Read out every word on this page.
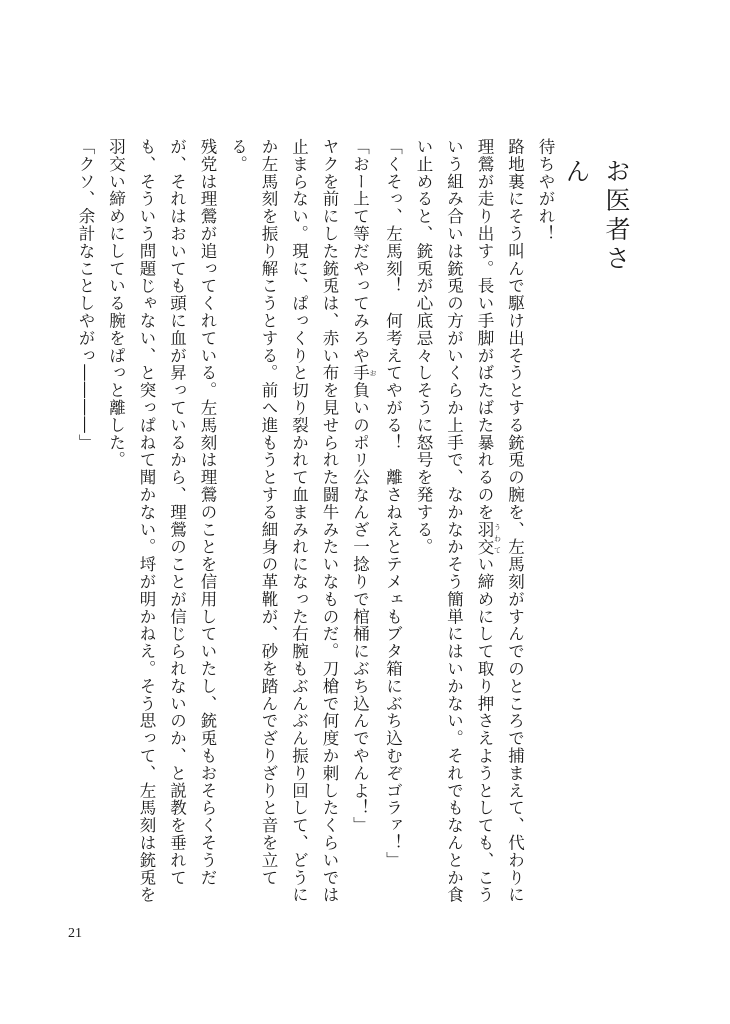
お医者さん

待ちやがれ！

路地裏にそう叫んで駆け出そうとする銃兎の腕を、左馬刻がすんでのところで捕まえて、代わりに理鶯が走り出す。長い手脚がばたばた暴れるのを羽交 うわてい締めにして取り押さえようとしても、こういう組み合いは銃兎の方がいくらか上手で、なかなかそう簡単にはいかない。それでもなんとか食い止めると、銃兎が心底忌々しそうに怒号を発する。

「くそっ、左馬刻！　何考えてやがる！　離さねえとテメェもブタ箱にぶち込むぞゴラァ！」

「おー上て等だやってみろや手 お負いのポリ公なんざ一捻りで棺桶にぶち込んでやんよ！」

ヤクを前にした銃兎は、赤い布を見せられた闘牛みたいなものだ。刀槍で何度か刺したくらいでは止まらない。現に、ぱっくりと切り裂かれて血まみれになった右腕もぶんぶん振り回して、どうにか左馬刻を振り解こうとする。前へ進もうとする細身の革靴が、砂を踏んでざりざりと音を立てる。

残党は理鶯が追ってくれている。左馬刻は理鶯のことを信用していたし、銃兎もおそらくそうだが、それはおいても頭に血が昇っているから、理鶯のことが信じられないのか、と説教を垂れても、そういう問題じゃない、と突っぱねて聞かない。埒が明かねえ。そう思って、左馬刻は銃兎を羽交い締めにしている腕をぱっと離した。

「クソ、余計なことしやがっ――――」

21
